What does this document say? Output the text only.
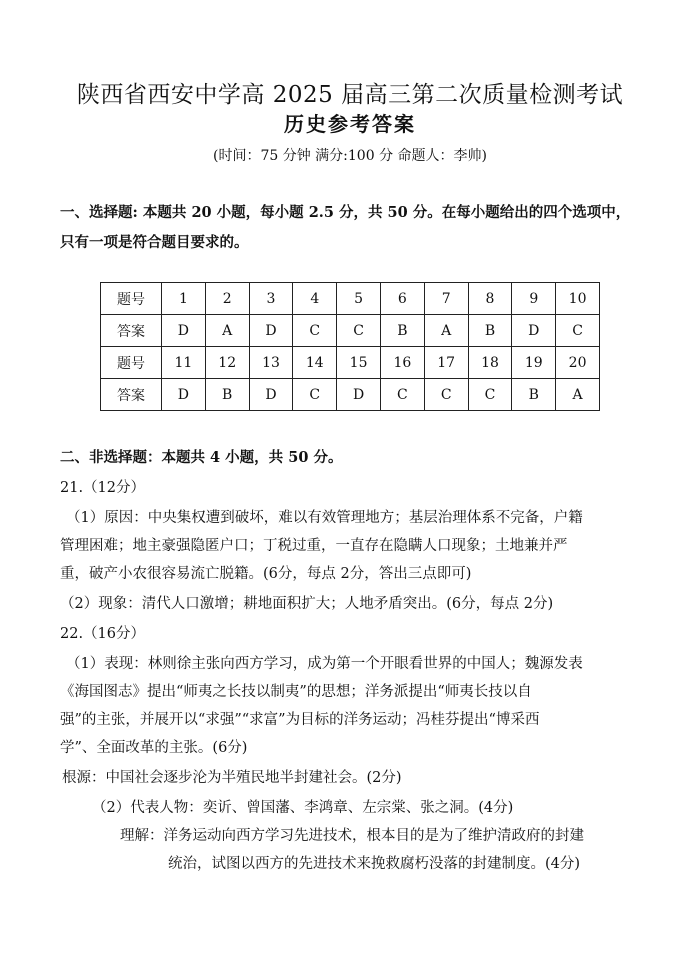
陕西省西安中学高 2025 届高三第二次质量检测考试
历史参考答案
(时间：75 分钟 满分:100 分 命题人：李帅)
一、选择题: 本题共 20 小题，每小题 2.5 分，共 50 分。在每小题给出的四个选项中，
只有一项是符合题目要求的。
题号	1	2	3	4	5	6	7	8	9	10
答案	D	A	D	C	C	B	A	B	D	C
题号	11	12	13	14	15	16	17	18	19	20
答案	D	B	D	C	D	C	C	C	B	A
二、非选择题：本题共 4 小题，共 50 分。
21.（12分）
（1）原因：中央集权遭到破坏，难以有效管理地方；基层治理体系不完备，户籍
管理困难；地主豪强隐匿户口；丁税过重，一直存在隐瞒人口现象；土地兼并严
重，破产小农很容易流亡脱籍。(6分，每点 2分，答出三点即可)
（2）现象：清代人口激增；耕地面积扩大；人地矛盾突出。(6分，每点 2分)
22.（16分）
（1）表现：林则徐主张向西方学习，成为第一个开眼看世界的中国人；魏源发表
《海国图志》提出“师夷之长技以制夷”的思想；洋务派提出“师夷长技以自
强”的主张，并展开以“求强”“求富”为目标的洋务运动；冯桂芬提出“博采西
学”、全面改革的主张。(6分)
根源：中国社会逐步沦为半殖民地半封建社会。(2分)
（2）代表人物：奕䜣、曾国藩、李鸿章、左宗棠、张之洞。(4分)
理解：洋务运动向西方学习先进技术，根本目的是为了维护清政府的封建
统治，试图以西方的先进技术来挽救腐朽没落的封建制度。(4分)
